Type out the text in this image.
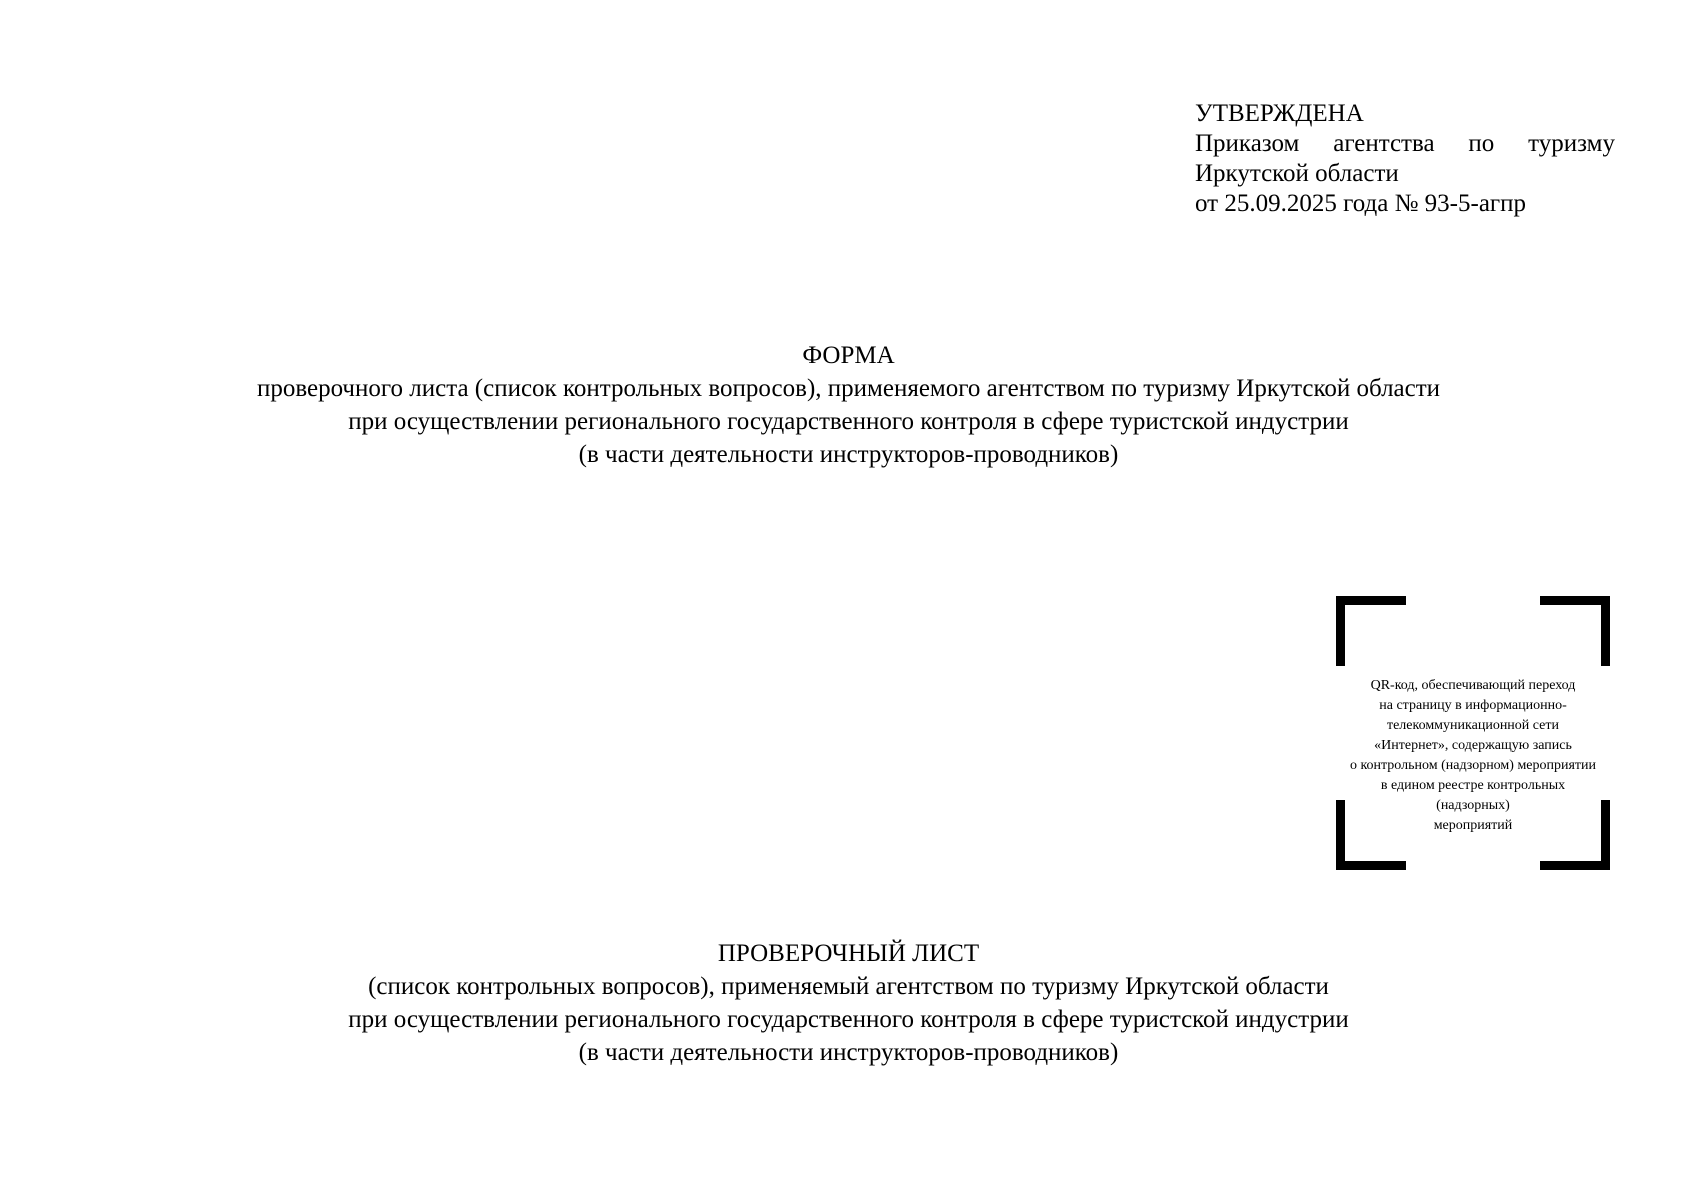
УТВЕРЖДЕНА
Приказом агентства по туризму
Иркутской области
от 25.09.2025 года № 93-5-агпр
ФОРМА
проверочного листа (список контрольных вопросов), применяемого агентством по туризму Иркутской области
при осуществлении регионального государственного контроля в сфере туристской индустрии
(в части деятельности инструкторов-проводников)
QR-код, обеспечивающий переход
на страницу в информационно-
телекоммуникационной сети
«Интернет», содержащую запись
о контрольном (надзорном) мероприятии
в едином реестре контрольных
(надзорных)
мероприятий
ПРОВЕРОЧНЫЙ ЛИСТ
(список контрольных вопросов), применяемый агентством по туризму Иркутской области
при осуществлении регионального государственного контроля в сфере туристской индустрии
(в части деятельности инструкторов-проводников)
